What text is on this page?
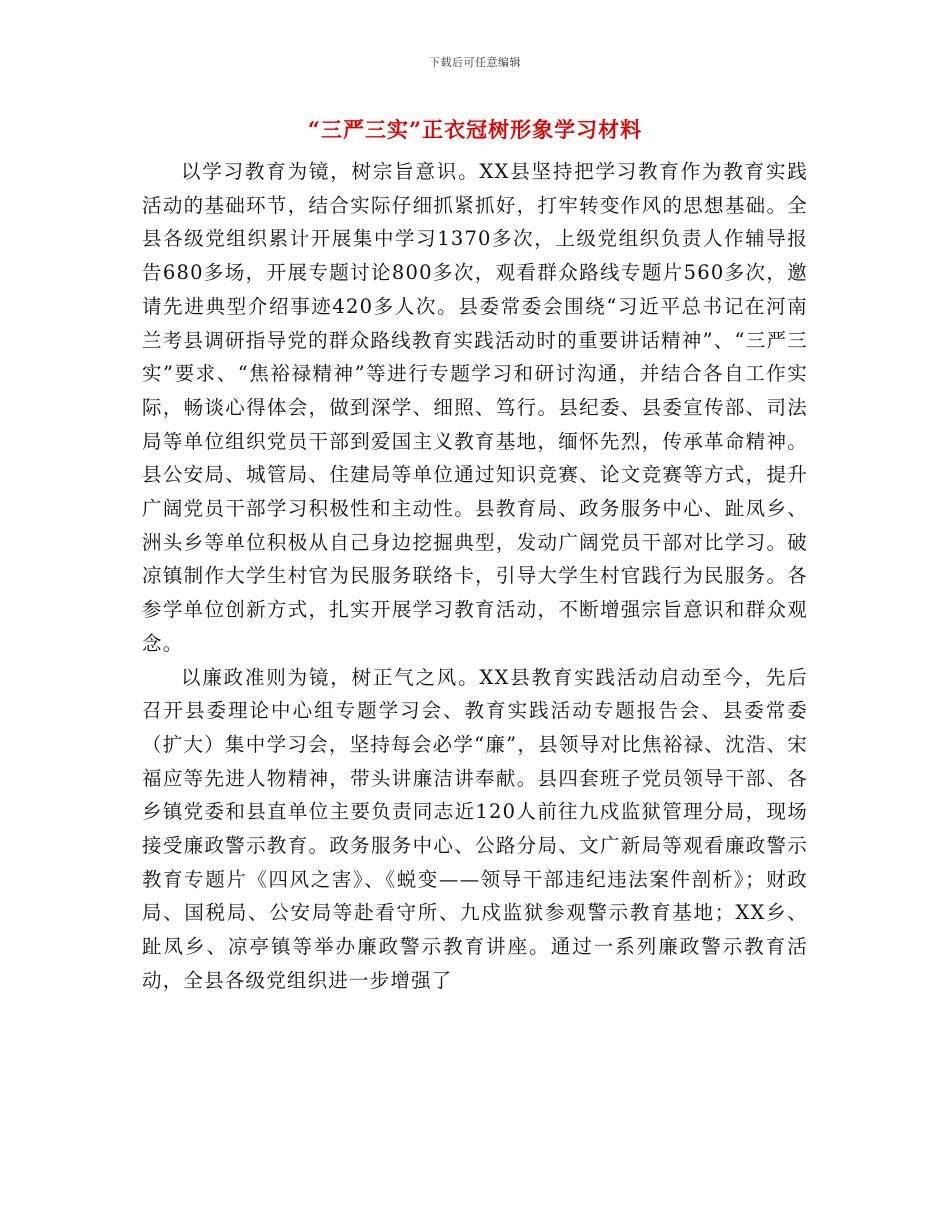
下载后可任意编辑
“三严三实”正衣冠树形象学习材料

以学习教育为镜，树宗旨意识。XX县坚持把学习教育作为教育实践活动的基础环节，结合实际仔细抓紧抓好，打牢转变作风的思想基础。全县各级党组织累计开展集中学习1370多次，上级党组织负责人作辅导报告680多场，开展专题讨论800多次，观看群众路线专题片560多次，邀请先进典型介绍事迹420多人次。县委常委会围绕“习近平总书记在河南兰考县调研指导党的群众路线教育实践活动时的重要讲话精神”、“三严三实”要求、“焦裕禄精神”等进行专题学习和研讨沟通，并结合各自工作实际，畅谈心得体会，做到深学、细照、笃行。县纪委、县委宣传部、司法局等单位组织党员干部到爱国主义教育基地，缅怀先烈，传承革命精神。县公安局、城管局、住建局等单位通过知识竞赛、论文竞赛等方式，提升广阔党员干部学习积极性和主动性。县教育局、政务服务中心、趾凤乡、洲头乡等单位积极从自己身边挖掘典型，发动广阔党员干部对比学习。破凉镇制作大学生村官为民服务联络卡，引导大学生村官践行为民服务。各参学单位创新方式，扎实开展学习教育活动，不断增强宗旨意识和群众观念。

以廉政准则为镜，树正气之风。XX县教育实践活动启动至今，先后召开县委理论中心组专题学习会、教育实践活动专题报告会、县委常委（扩大）集中学习会，坚持每会必学“廉”，县领导对比焦裕禄、沈浩、宋福应等先进人物精神，带头讲廉洁讲奉献。县四套班子党员领导干部、各乡镇党委和县直单位主要负责同志近120人前往九戍监狱管理分局，现场接受廉政警示教育。政务服务中心、公路分局、文广新局等观看廉政警示教育专题片《四风之害》、《蜕变——领导干部违纪违法案件剖析》；财政局、国税局、公安局等赴看守所、九戍监狱参观警示教育基地；XX乡、趾凤乡、凉亭镇等举办廉政警示教育讲座。通过一系列廉政警示教育活动，全县各级党组织进一步增强了
